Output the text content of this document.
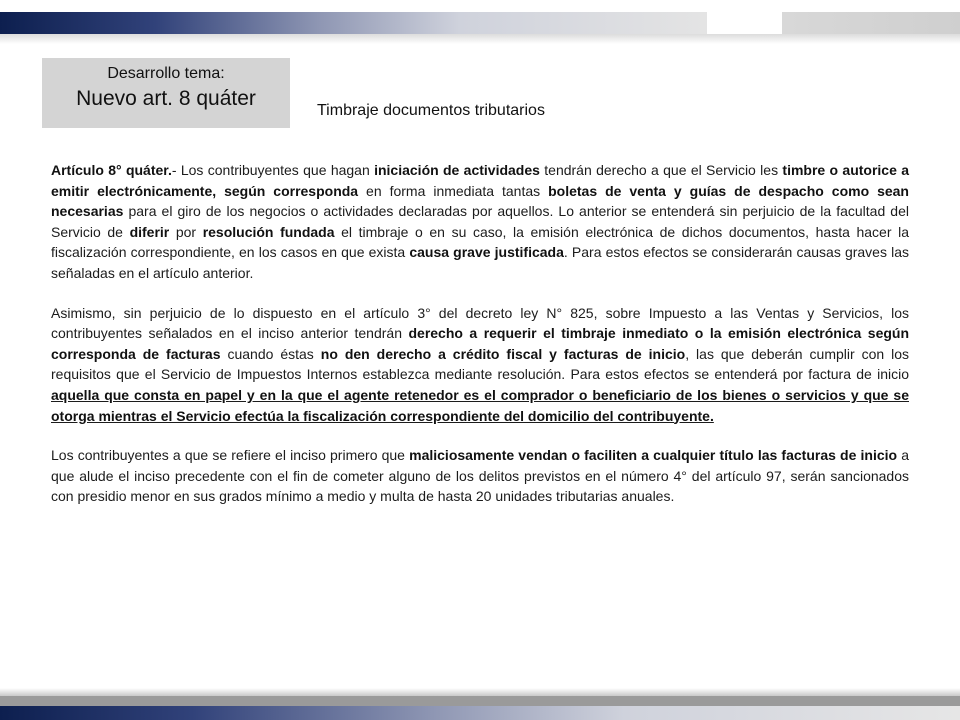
Desarrollo tema:
Nuevo art. 8 quáter
Timbraje documentos tributarios

Artículo 8° quáter.- Los contribuyentes que hagan iniciación de actividades tendrán derecho a que el Servicio les timbre o autorice a emitir electrónicamente, según corresponda en forma inmediata tantas boletas de venta y guías de despacho como sean necesarias para el giro de los negocios o actividades declaradas por aquellos. Lo anterior se entenderá sin perjuicio de la facultad del Servicio de diferir por resolución fundada el timbraje o en su caso, la emisión electrónica de dichos documentos, hasta hacer la fiscalización correspondiente, en los casos en que exista causa grave justificada. Para estos efectos se considerarán causas graves las señaladas en el artículo anterior.

Asimismo, sin perjuicio de lo dispuesto en el artículo 3° del decreto ley N° 825, sobre Impuesto a las Ventas y Servicios, los contribuyentes señalados en el inciso anterior tendrán derecho a requerir el timbraje inmediato o la emisión electrónica según corresponda de facturas cuando éstas no den derecho a crédito fiscal y facturas de inicio, las que deberán cumplir con los requisitos que el Servicio de Impuestos Internos establezca mediante resolución. Para estos efectos se entenderá por factura de inicio aquella que consta en papel y en la que el agente retenedor es el comprador o beneficiario de los bienes o servicios y que se otorga mientras el Servicio efectúa la fiscalización correspondiente del domicilio del contribuyente.

Los contribuyentes a que se refiere el inciso primero que maliciosamente vendan o faciliten a cualquier título las facturas de inicio a que alude el inciso precedente con el fin de cometer alguno de los delitos previstos en el número 4° del artículo 97, serán sancionados con presidio menor en sus grados mínimo a medio y multa de hasta 20 unidades tributarias anuales.
